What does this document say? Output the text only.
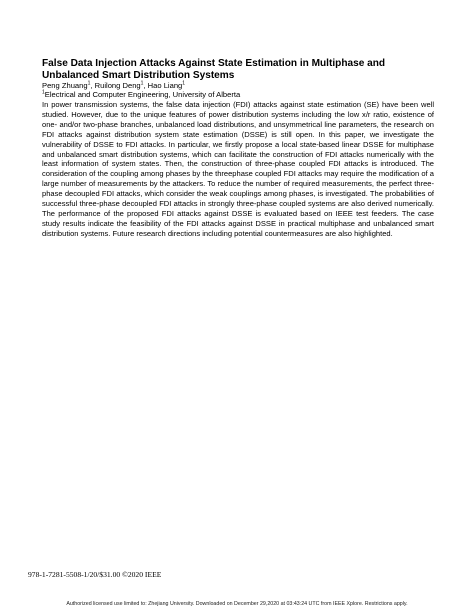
False Data Injection Attacks Against State Estimation in Multiphase and Unbalanced Smart Distribution Systems
Peng Zhuang$^1$, Ruilong Deng$^1$, Hao Liang$^1$
$^1$Electrical and Computer Engineering, University of Alberta

In power transmission systems, the false data injection (FDI) attacks against state estimation (SE) have been well studied. However, due to the unique features of power distribution systems including the low x/r ratio, existence of one- and/or two-phase branches, unbalanced load distributions, and unsymmetrical line parameters, the research on FDI attacks against distribution system state estimation (DSSE) is still open. In this paper, we investigate the vulnerability of DSSE to FDI attacks. In particular, we firstly propose a local state-based linear DSSE for multiphase and unbalanced smart distribution systems, which can facilitate the construction of FDI attacks numerically with the least information of system states. Then, the construction of three-phase coupled FDI attacks is introduced. The consideration of the coupling among phases by the threephase coupled FDI attacks may require the modification of a large number of measurements by the attackers. To reduce the number of required measurements, the perfect three-phase decoupled FDI attacks, which consider the weak couplings among phases, is investigated. The probabilities of successful three-phase decoupled FDI attacks in strongly three-phase coupled systems are also derived numerically. The performance of the proposed FDI attacks against DSSE is evaluated based on IEEE test feeders. The case study results indicate the feasibility of the FDI attacks against DSSE in practical multiphase and unbalanced smart distribution systems. Future research directions including potential countermeasures are also highlighted.

978-1-7281-5508-1/20/$31.00 ©2020 IEEE
Authorized licensed use limited to: Zhejiang University. Downloaded on December 29,2020 at 03:43:24 UTC from IEEE Xplore. Restrictions apply.
